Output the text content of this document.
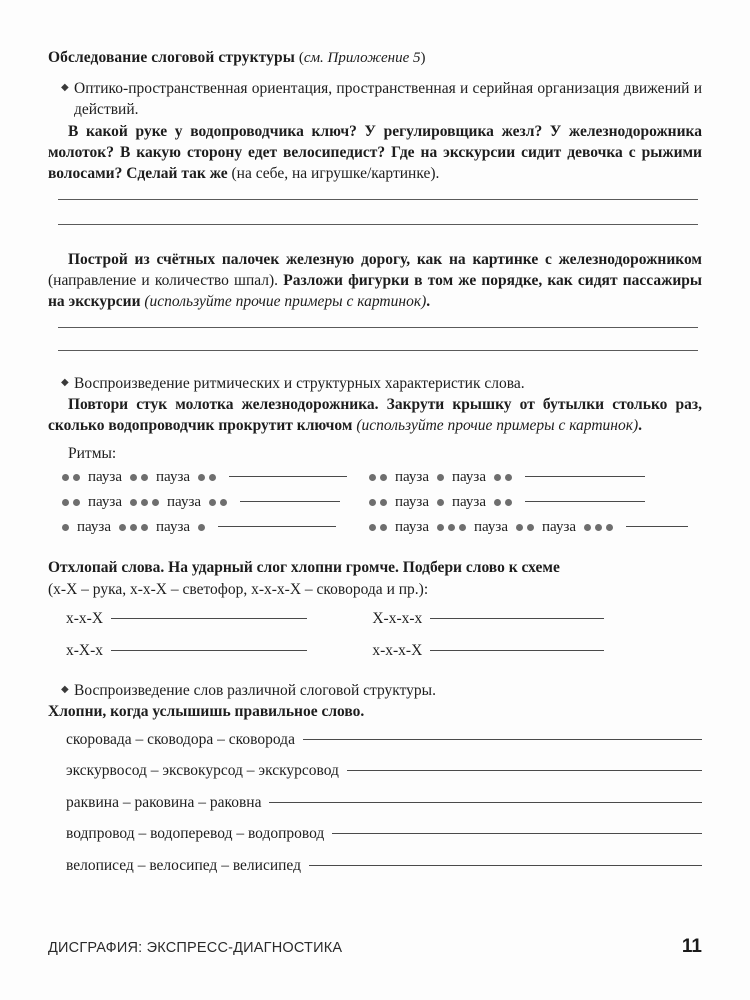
Обследование слоговой структуры (см. Приложение 5)
◆ Оптико-пространственная ориентация, пространственная и серийная организация движений и действий.

В какой руке у водопроводчика ключ? У регулировщика жезл? У железнодорожника молоток? В какую сторону едет велосипедист? Где на экскурсии сидит девочка с рыжими волосами? Сделай так же (на себе, на игрушке/картинке).

Построй из счётных палочек железную дорогу, как на картинке с железнодорожником (направление и количество шпал). Разложи фигурки в том же порядке, как сидят пассажиры на экскурсии (используйте прочие примеры с картинок).

◆ Воспроизведение ритмических и структурных характеристик слова.

Повтори стук молотка железнодорожника. Закрути крышку от бутылки столько раз, сколько водопроводчик прокрутит ключом (используйте прочие примеры с картинок).

Ритмы:
пауза пауза	пауза пауза

пауза пауза	пауза пауза

пауза пауза	пауза пауза пауза

Отхлопай слова. На ударный слог хлопни громче. Подбери слово к схеме

(х-Х – рука, х-х-Х – светофор, х-х-х-Х – сковорода и пр.):

х-х-Х	Х-х-х-х
х-Х-х	х-х-х-Х
◆ Воспроизведение слов различной слоговой структуры.

Хлопни, когда услышишь правильное слово.

скоровада – сководора – сковорода
экскурвосод – эксвокурсод – экскурсовод
раквина – раковина – раковна
водпровод – водоперевод – водопровод
велописед – велосипед – велисипед
ДИСГРАФИЯ: ЭКСПРЕСС-ДИАГНОСТИКА	11
